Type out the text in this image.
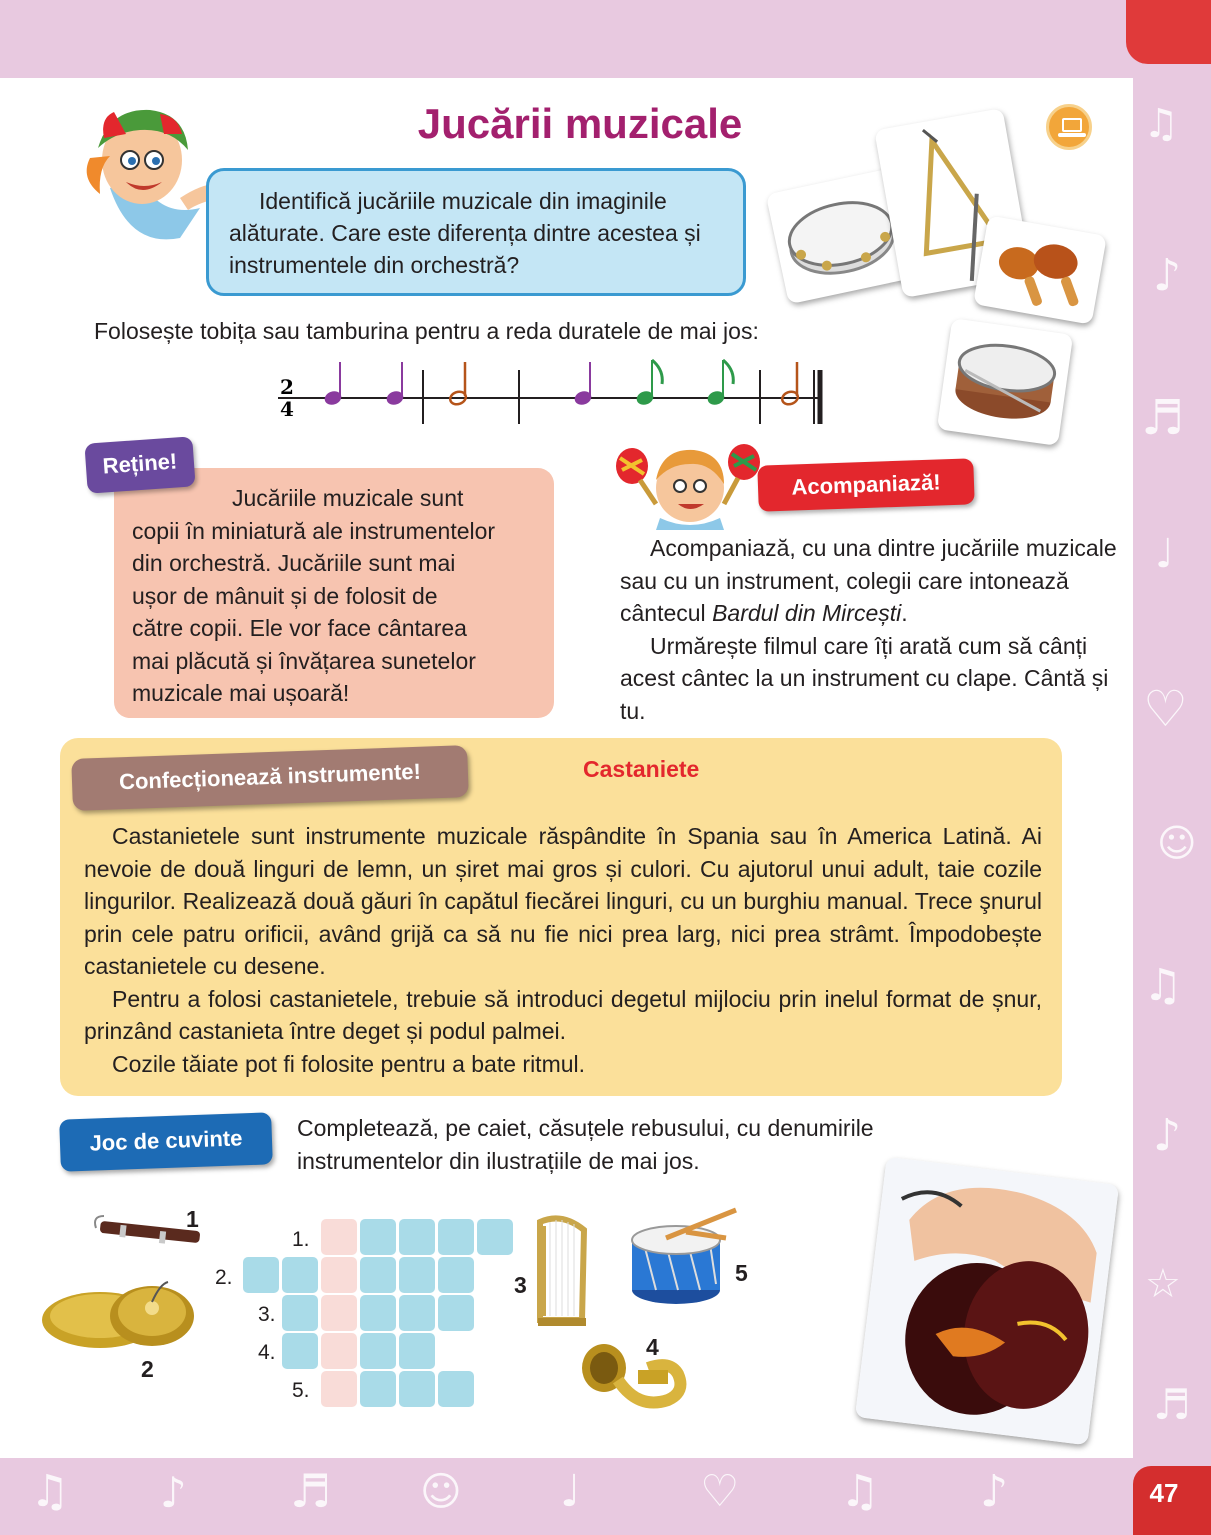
♫
♪
♬
♩
♡
☺
♫
♪
☆
♬
♫ ♪ ♬ ☺ ♩	♡ ♫ ♪	47
Jucării muzicale
Identifică jucăriile muzicale din imaginile alăturate. Care este diferența dintre acestea și instrumentele din orchestră?
Folosește tobița sau tamburina pentru a reda duratele de mai jos:
2
4
Jucăriile muzicale sunt
copii în miniatură ale instrumentelor
din orchestră. Jucăriile sunt mai
ușor de mânuit și de folosit de
către copii. Ele vor face cântarea
mai plăcută și învățarea sunetelor
muzicale mai ușoară!
Reține!
Acompaniază!

Acompaniază, cu una dintre jucăriile muzicale sau cu un instrument, colegii care intonează cântecul Bardul din Mircești.

Urmărește filmul care îți arată cum să cânți acest cântec la un instrument cu clape. Cântă și tu.

Confecționează instrumente!	Castaniete

Castanietele sunt instrumente muzicale răspândite în Spania sau în America Latină. Ai nevoie de două linguri de lemn, un șiret mai gros și culori. Cu ajutorul unui adult, taie cozile lingurilor. Realizează două găuri în capătul fiecărei linguri, cu un burghiu manual. Trece şnurul prin cele patru orificii, având grijă ca să nu fie nici prea larg, nici prea strâmt. Împodobește castanietele cu desene.

Pentru a folosi castanietele, trebuie să introduci degetul mijlociu prin inelul format de șnur, prinzând castanieta între deget și podul palmei.

Cozile tăiate pot fi folosite pentru a bate ritmul.

Joc de cuvinte	Completează, pe caiet, căsuțele rebusului, cu denumirile instrumentelor din ilustrațiile de mai jos.
1.
2.
3.
4.
5.
1
2
3	5
4
